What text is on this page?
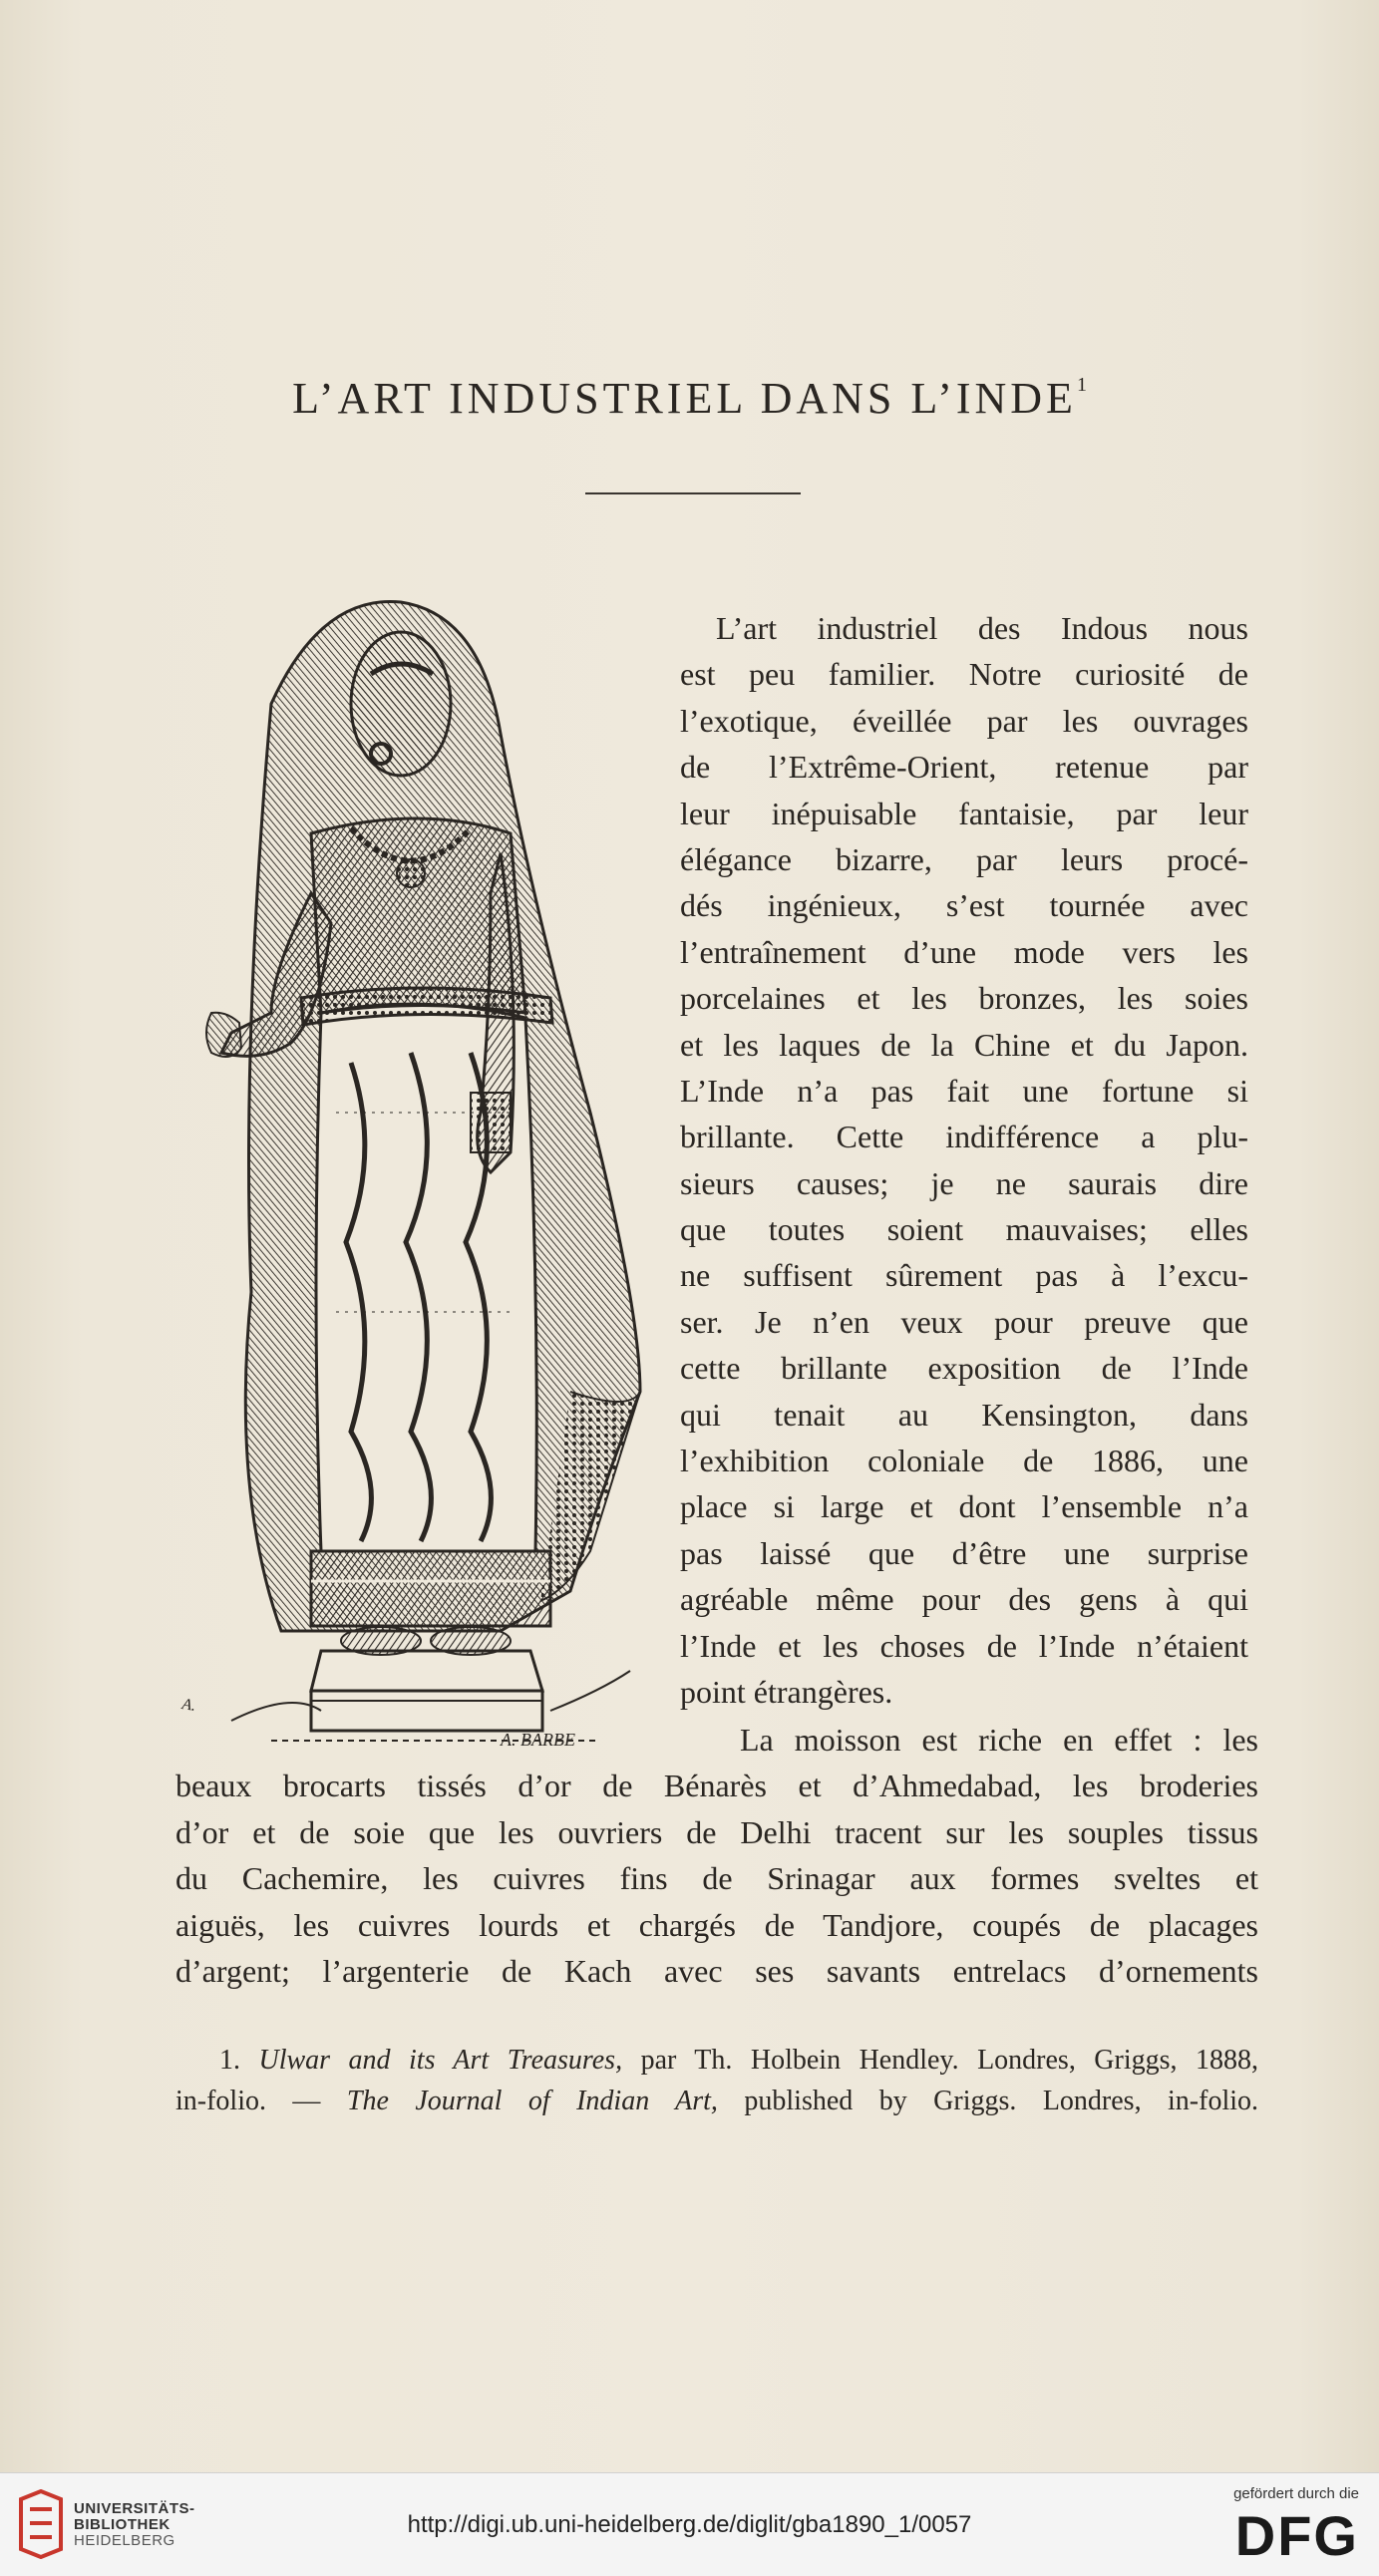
L’ART INDUSTRIEL DANS L’INDE$^1$
A. BARBE
A.
L’art industriel des Indous nous
est peu familier. Notre curiosité de
l’exotique, éveillée par les ouvrages
de l’Extrême-Orient, retenue par
leur inépuisable fantaisie, par leur
élégance bizarre, par leurs procé-
dés ingénieux, s’est tournée avec
l’entraînement d’une mode vers les
porcelaines et les bronzes, les soies
et les laques de la Chine et du Japon.
L’Inde n’a pas fait une fortune si
brillante. Cette indifférence a plu-
sieurs causes; je ne saurais dire
que toutes soient mauvaises; elles
ne suffisent sûrement pas à l’excu-
ser. Je n’en veux pour preuve que
cette brillante exposition de l’Inde
qui tenait au Kensington, dans
l’exhibition coloniale de 1886, une
place si large et dont l’ensemble n’a
pas laissé que d’être une surprise
agréable même pour des gens à qui
l’Inde et les choses de l’Inde n’étaient
point étrangères.
La moisson est riche en effet : les
beaux brocarts tissés d’or de Bénarès et d’Ahmedabad, les broderies
d’or et de soie que les ouvriers de Delhi tracent sur les souples tissus
du Cachemire, les cuivres fins de Srinagar aux formes sveltes et
aiguës, les cuivres lourds et chargés de Tandjore, coupés de placages
d’argent; l’argenterie de Kach avec ses savants entrelacs d’ornements
1. Ulwar and its Art Treasures, par Th. Holbein Hendley. Londres, Griggs, 1888,
in-folio. — The Journal of Indian Art, published by Griggs. Londres, in-folio.
UNIVERSITÄTS-
BIBLIOTHEK
HEIDELBERG
http://digi.ub.uni-heidelberg.de/diglit/gba1890_1/0057
gefördert durch die
DFG
